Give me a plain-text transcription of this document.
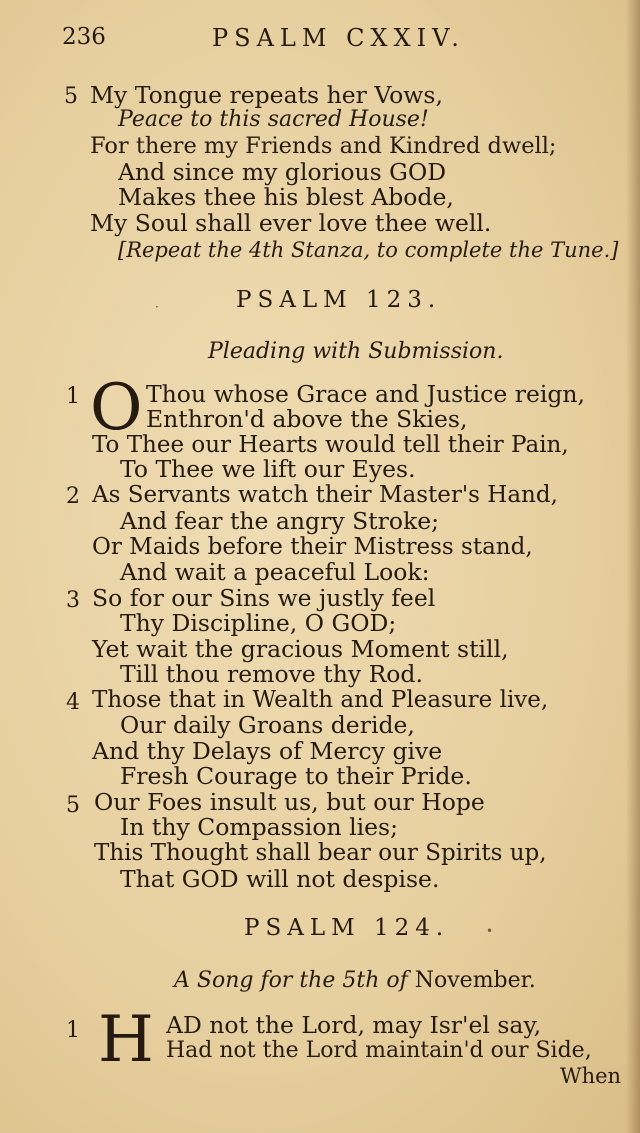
236	PSALM CXXIV.
5 My Tongue repeats her Vows,
Peace to this sacred House!
For there my Friends and Kindred dwell;
And since my glorious GOD
Makes thee his blest Abode,
My Soul shall ever love thee well.
[Repeat the 4th Stanza, to complete the Tune.]
·	PSALM 123.
Pleading with Submission.
1 O Thou whose Grace and Justice reign,
Enthron'd above the Skies,
To Thee our Hearts would tell their Pain,
To Thee we lift our Eyes.
2 As Servants watch their Master's Hand,
And fear the angry Stroke;
Or Maids before their Mistress stand,
And wait a peaceful Look:
3 So for our Sins we justly feel
Thy Discipline, O GOD;
Yet wait the gracious Moment still,
Till thou remove thy Rod.
4 Those that in Wealth and Pleasure live,
Our daily Groans deride,
And thy Delays of Mercy give
Fresh Courage to their Pride.
5 Our Foes insult us, but our Hope
In thy Compassion lies;
This Thought shall bear our Spirits up,
That GOD will not despise.
PSALM 124.	•
A Song for the 5th of November.
1 H AD not the Lord, may Isr'el say,
Had not the Lord maintain'd our Side,
When
